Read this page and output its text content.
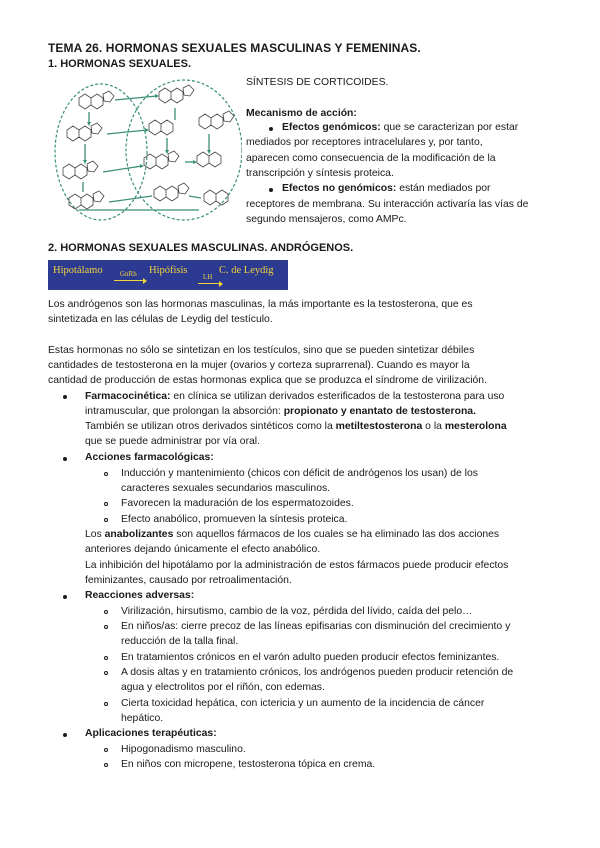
TEMA 26. HORMONAS SEXUALES MASCULINAS Y FEMENINAS.
1. HORMONAS SEXUALES.
SÍNTESIS DE CORTICOIDES.
Mecanismo de acción:
Efectos genómicos: que se caracterizan por estar
mediados por receptores intracelulares y, por tanto,
aparecen como consecuencia de la modificación de la
transcripción y síntesis proteica.
Efectos no genómicos: están mediados por
receptores de membrana. Su interacción activaría las vías de
segundo mensajeros, como AMPc.
2. HORMONAS SEXUALES MASCULINAS. ANDRÓGENOS.
Hipotálamo GnRh Hipófisis
LH
C. de Leydig
Los andrógenos son las hormonas masculinas, la más importante es la testosterona, que es
sintetizada en las células de Leydig del testículo.
Estas hormonas no sólo se sintetizan en los testículos, sino que se pueden sintetizar débiles
cantidades de testosterona en la mujer (ovarios y corteza suprarrenal). Cuando es mayor la
cantidad de producción de estas hormonas explica que se produzca el síndrome de virilización.
Farmacocinética: en clínica se utilizan derivados esterificados de la testosterona para uso
intramuscular, que prolongan la absorción: propionato y enantato de testosterona.
También se utilizan otros derivados sintéticos como la metiltestosterona o la mesterolona
que se puede administrar por vía oral.
Acciones farmacológicas:
Inducción y mantenimiento (chicos con déficit de andrógenos los usan) de los
caracteres sexuales secundarios masculinos.
Favorecen la maduración de los espermatozoides.
Efecto anabólico, promueven la síntesis proteica.
Los anabolizantes son aquellos fármacos de los cuales se ha eliminado las dos acciones
anteriores dejando únicamente el efecto anabólico.
La inhibición del hipotálamo por la administración de estos fármacos puede producir efectos
feminizantes, causado por retroalimentación.
Reacciones adversas:
Virilización, hirsutismo, cambio de la voz, pérdida del lívido, caída del pelo…
En niños/as: cierre precoz de las líneas epifisarias con disminución del crecimiento y
reducción de la talla final.
En tratamientos crónicos en el varón adulto pueden producir efectos feminizantes.
A dosis altas y en tratamiento crónicos, los andrógenos pueden producir retención de
agua y electrolitos por el riñón, con edemas.
Cierta toxicidad hepática, con ictericia y un aumento de la incidencia de cáncer
hepático.
Aplicaciones terapéuticas:
Hipogonadismo masculino.
En niños con micropene, testosterona tópica en crema.
